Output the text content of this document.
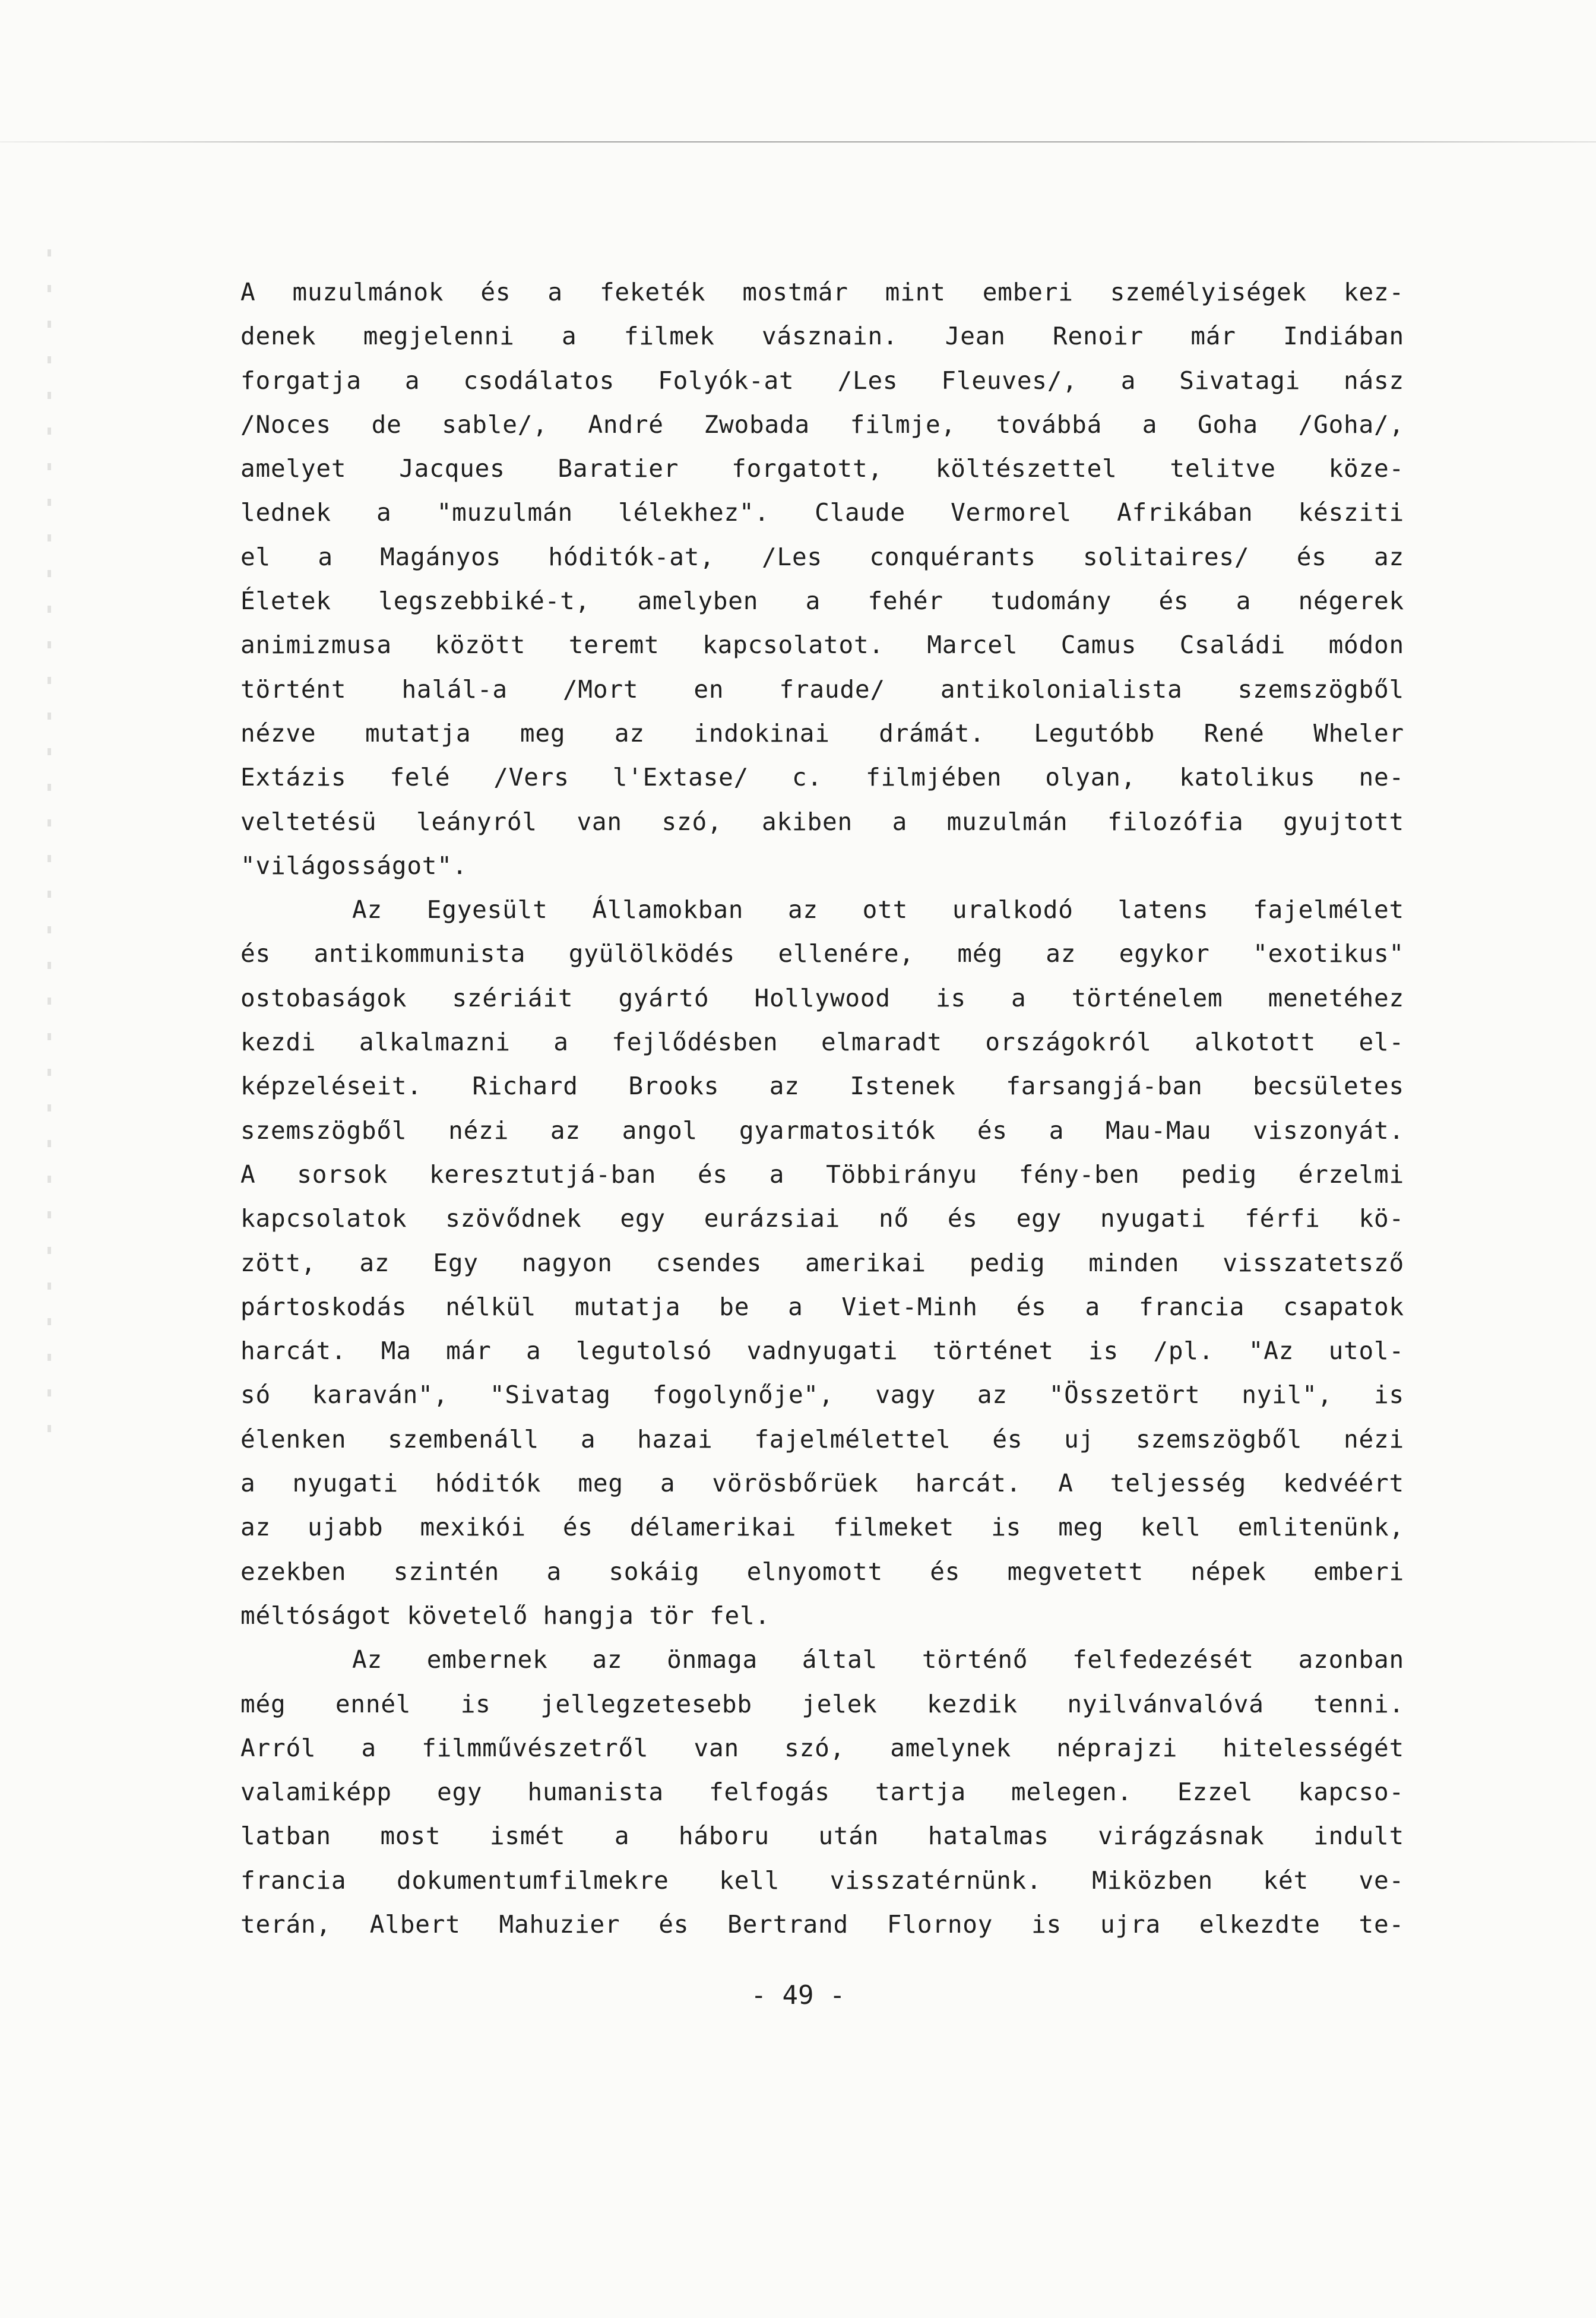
A muzulmánok és a feketék mostmár mint emberi személyiségek kez-
denek megjelenni a filmek vásznain. Jean Renoir már Indiában
forgatja a csodálatos Folyók-at /Les Fleuves/, a Sivatagi nász
/Noces de sable/, André Zwobada filmje, továbbá a Goha /Goha/,
amelyet Jacques Baratier forgatott, költészettel telitve köze-
lednek a "muzulmán lélekhez". Claude Vermorel Afrikában késziti
el a Magányos hóditók-at, /Les conquérants solitaires/ és az
Életek legszebbiké-t, amelyben a fehér tudomány és a négerek
animizmusa között teremt kapcsolatot. Marcel Camus Családi módon
történt halál-a /Mort en fraude/ antikolonialista szemszögből
nézve mutatja meg az indokinai drámát. Legutóbb René Wheler
Extázis felé /Vers l'Extase/ c. filmjében olyan, katolikus ne-
veltetésü leányról van szó, akiben a muzulmán filozófia gyujtott
"világosságot".
Az Egyesült Államokban az ott uralkodó latens fajelmélet
és antikommunista gyülölködés ellenére, még az egykor "exotikus"
ostobaságok szériáit gyártó Hollywood is a történelem menetéhez
kezdi alkalmazni a fejlődésben elmaradt országokról alkotott el-
képzeléseit. Richard Brooks az Istenek farsangjá-ban becsületes
szemszögből nézi az angol gyarmatositók és a Mau-Mau viszonyát.
A sorsok keresztutjá-ban és a Többirányu fény-ben pedig érzelmi
kapcsolatok szövődnek egy eurázsiai nő és egy nyugati férfi kö-
zött, az Egy nagyon csendes amerikai pedig minden visszatetsző
pártoskodás nélkül mutatja be a Viet-Minh és a francia csapatok
harcát. Ma már a legutolsó vadnyugati történet is /pl. "Az utol-
só karaván", "Sivatag fogolynője", vagy az "Összetört nyil", is
élenken szembenáll a hazai fajelmélettel és uj szemszögből nézi
a nyugati hóditók meg a vörösbőrüek harcát. A teljesség kedvéért
az ujabb mexikói és délamerikai filmeket is meg kell emlitenünk,
ezekben szintén a sokáig elnyomott és megvetett népek emberi
méltóságot követelő hangja tör fel.
Az embernek az önmaga által történő felfedezését azonban
még ennél is jellegzetesebb jelek kezdik nyilvánvalóvá tenni.
Arról a filmművészetről van szó, amelynek néprajzi hitelességét
valamiképp egy humanista felfogás tartja melegen. Ezzel kapcso-
latban most ismét a háboru után hatalmas virágzásnak indult
francia dokumentumfilmekre kell visszatérnünk. Miközben két ve-
terán, Albert Mahuzier és Bertrand Flornoy is ujra elkezdte te-
- 49 -
